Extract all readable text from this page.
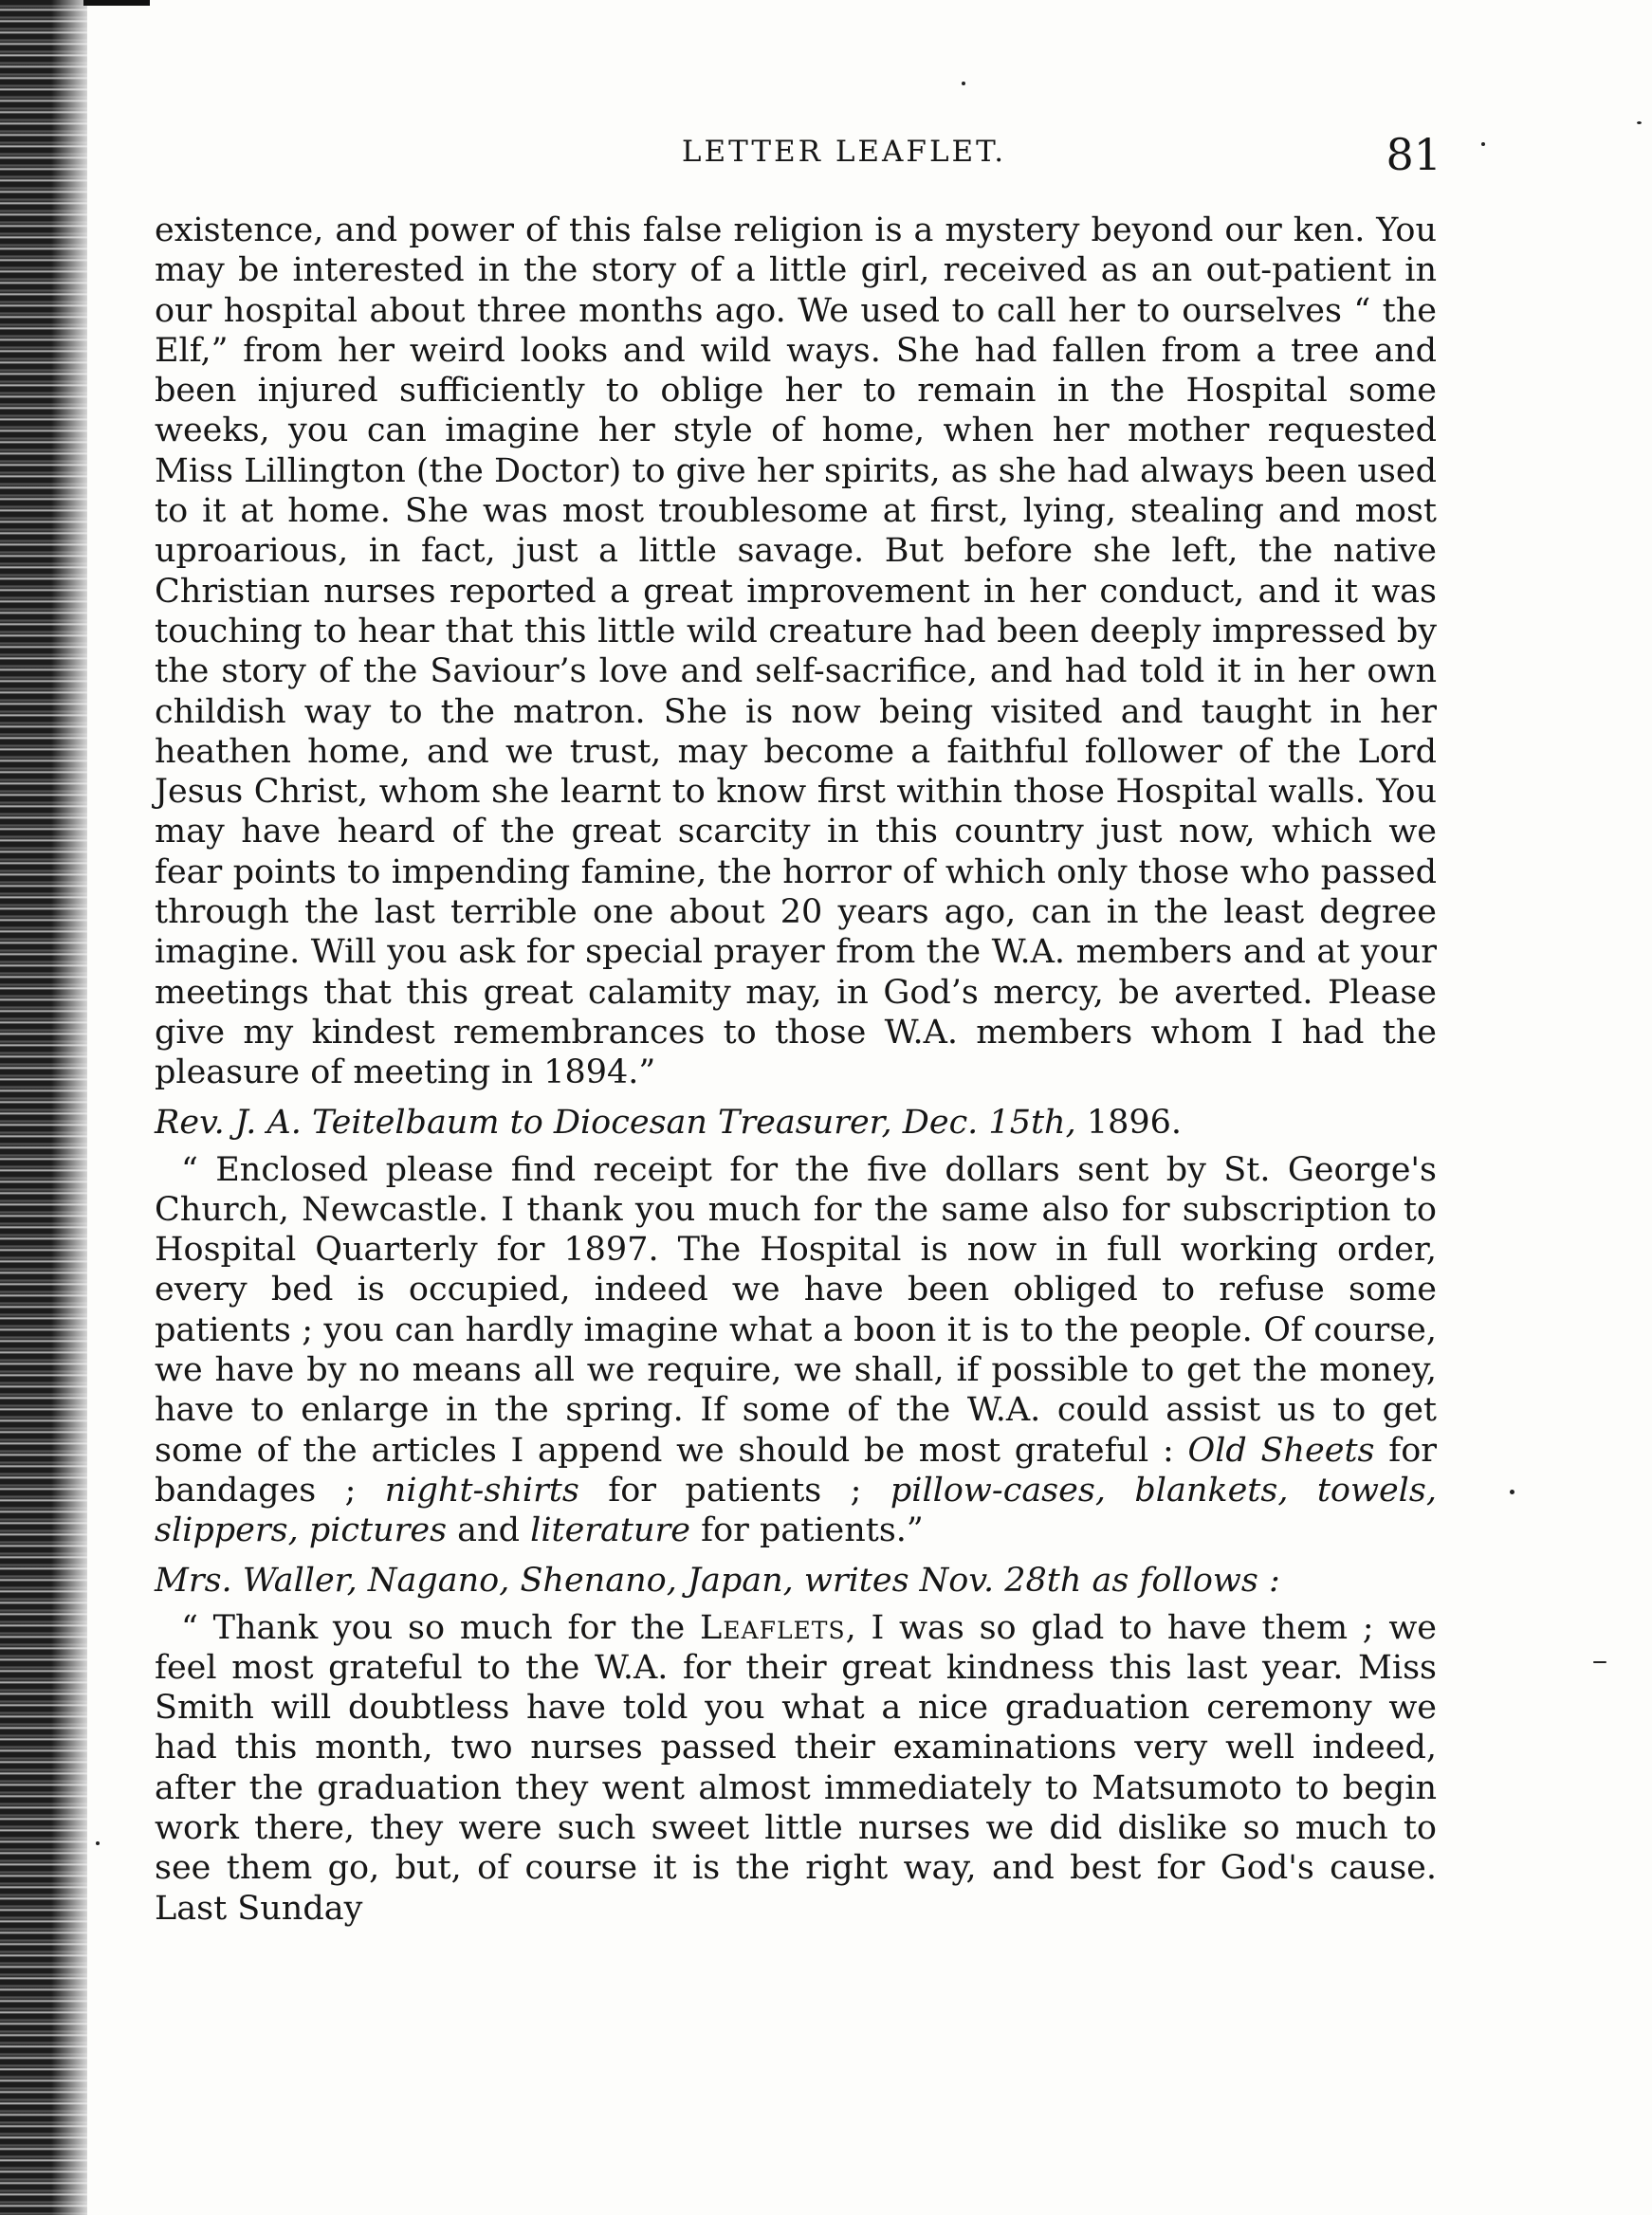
LETTER LEAFLET.	81

existence, and power of this false religion is a mystery beyond our ken. You may be interested in the story of a little girl, received as an out-patient in our hospital about three months ago. We used to call her to ourselves “ the Elf,” from her weird looks and wild ways. She had fallen from a tree and been injured sufficiently to oblige her to remain in the Hospital some weeks, you can imagine her style of home, when her mother requested Miss Lillington (the Doctor) to give her spirits, as she had always been used to it at home. She was most troublesome at first, lying, stealing and most uproarious, in fact, just a little savage. But before she left, the native Christian nurses reported a great improvement in her conduct, and it was touching to hear that this little wild creature had been deeply impressed by the story of the Saviour’s love and self-sacrifice, and had told it in her own childish way to the matron. She is now being visited and taught in her heathen home, and we trust, may become a faithful follower of the Lord Jesus Christ, whom she learnt to know first within those Hospital walls. You may have heard of the great scarcity in this country just now, which we fear points to impending famine, the horror of which only those who passed through the last terrible one about 20 years ago, can in the least degree imagine. Will you ask for special prayer from the W.A. members and at your meetings that this great calamity may, in God’s mercy, be averted. Please give my kindest remembrances to those W.A. members whom I had the pleasure of meeting in 1894.”

Rev. J. A. Teitelbaum to Diocesan Treasurer, Dec. 15th, 1896.

“ Enclosed please find receipt for the five dollars sent by St. George's Church, Newcastle. I thank you much for the same also for subscription to Hospital Quarterly for 1897. The Hospital is now in full working order, every bed is occupied, indeed we have been obliged to refuse some patients ; you can hardly imagine what a boon it is to the people. Of course, we have by no means all we require, we shall, if possible to get the money, have to enlarge in the spring. If some of the W.A. could assist us to get some of the articles I append we should be most grateful : Old Sheets for bandages ; night-shirts for patients ; pillow-cases, blankets, towels, slippers, pictures and literature for patients.”

Mrs. Waller, Nagano, Shenano, Japan, writes Nov. 28th as follows :

“ Thank you so much for the Leaflets, I was so glad to have them ; we feel most grateful to the W.A. for their great kindness this last year. Miss Smith will doubtless have told you what a nice graduation ceremony we had this month, two nurses passed their examinations very well indeed, after the graduation they went almost immediately to Matsumoto to begin work there, they were such sweet little nurses we did dislike so much to see them go, but, of course it is the right way, and best for God's cause. Last Sunday
